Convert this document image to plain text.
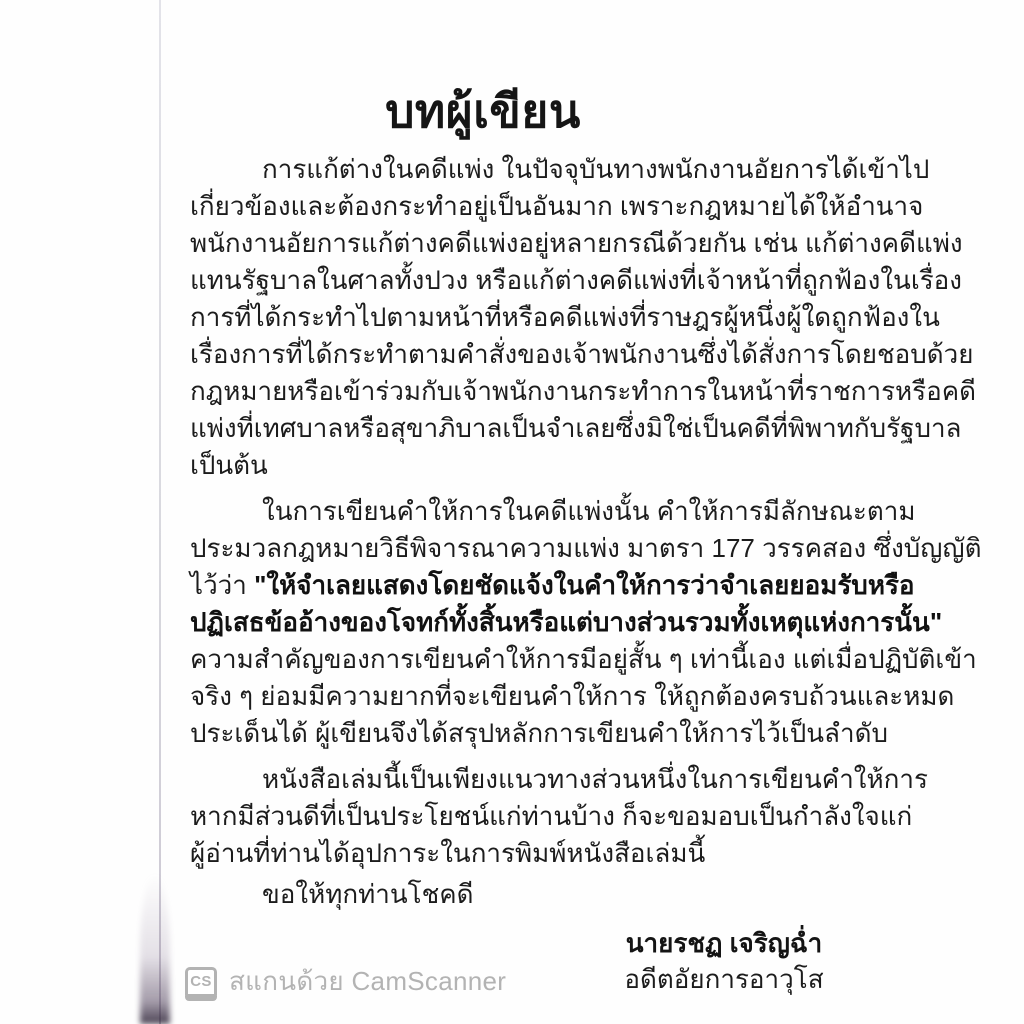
บทผู้เขียน
การแก้ต่างในคดีแพ่ง ในปัจจุบันทางพนักงานอัยการได้เข้าไป
เกี่ยวข้องและต้องกระทำอยู่เป็นอันมาก เพราะกฎหมายได้ให้อำนาจ
พนักงานอัยการแก้ต่างคดีแพ่งอยู่หลายกรณีด้วยกัน เช่น แก้ต่างคดีแพ่ง
แทนรัฐบาลในศาลทั้งปวง หรือแก้ต่างคดีแพ่งที่เจ้าหน้าที่ถูกฟ้องในเรื่อง
การที่ได้กระทำไปตามหน้าที่หรือคดีแพ่งที่ราษฎรผู้หนึ่งผู้ใดถูกฟ้องใน
เรื่องการที่ได้กระทำตามคำสั่งของเจ้าพนักงานซึ่งได้สั่งการโดยชอบด้วย
กฎหมายหรือเข้าร่วมกับเจ้าพนักงานกระทำการในหน้าที่ราชการหรือคดี
แพ่งที่เทศบาลหรือสุขาภิบาลเป็นจำเลยซึ่งมิใช่เป็นคดีที่พิพาทกับรัฐบาล
เป็นต้น
ในการเขียนคำให้การในคดีแพ่งนั้น คำให้การมีลักษณะตาม
ประมวลกฎหมายวิธีพิจารณาความแพ่ง มาตรา 177 วรรคสอง ซึ่งบัญญัติ
ไว้ว่า "ให้จำเลยแสดงโดยชัดแจ้งในคำให้การว่าจำเลยยอมรับหรือ
ปฏิเสธข้ออ้างของโจทก์ทั้งสิ้นหรือแต่บางส่วนรวมทั้งเหตุแห่งการนั้น"
ความสำคัญของการเขียนคำให้การมีอยู่สั้น ๆ เท่านี้เอง แต่เมื่อปฏิบัติเข้า
จริง ๆ ย่อมมีความยากที่จะเขียนคำให้การ ให้ถูกต้องครบถ้วนและหมด
ประเด็นได้ ผู้เขียนจึงได้สรุปหลักการเขียนคำให้การไว้เป็นลำดับ
หนังสือเล่มนี้เป็นเพียงแนวทางส่วนหนึ่งในการเขียนคำให้การ
หากมีส่วนดีที่เป็นประโยชน์แก่ท่านบ้าง ก็จะขอมอบเป็นกำลังใจแก่
ผู้อ่านที่ท่านได้อุปการะในการพิมพ์หนังสือเล่มนี้
ขอให้ทุกท่านโชคดี
นายรชฏ เจริญฉ่ำ
อดีตอัยการอาวุโส
CS สแกนด้วย CamScanner
